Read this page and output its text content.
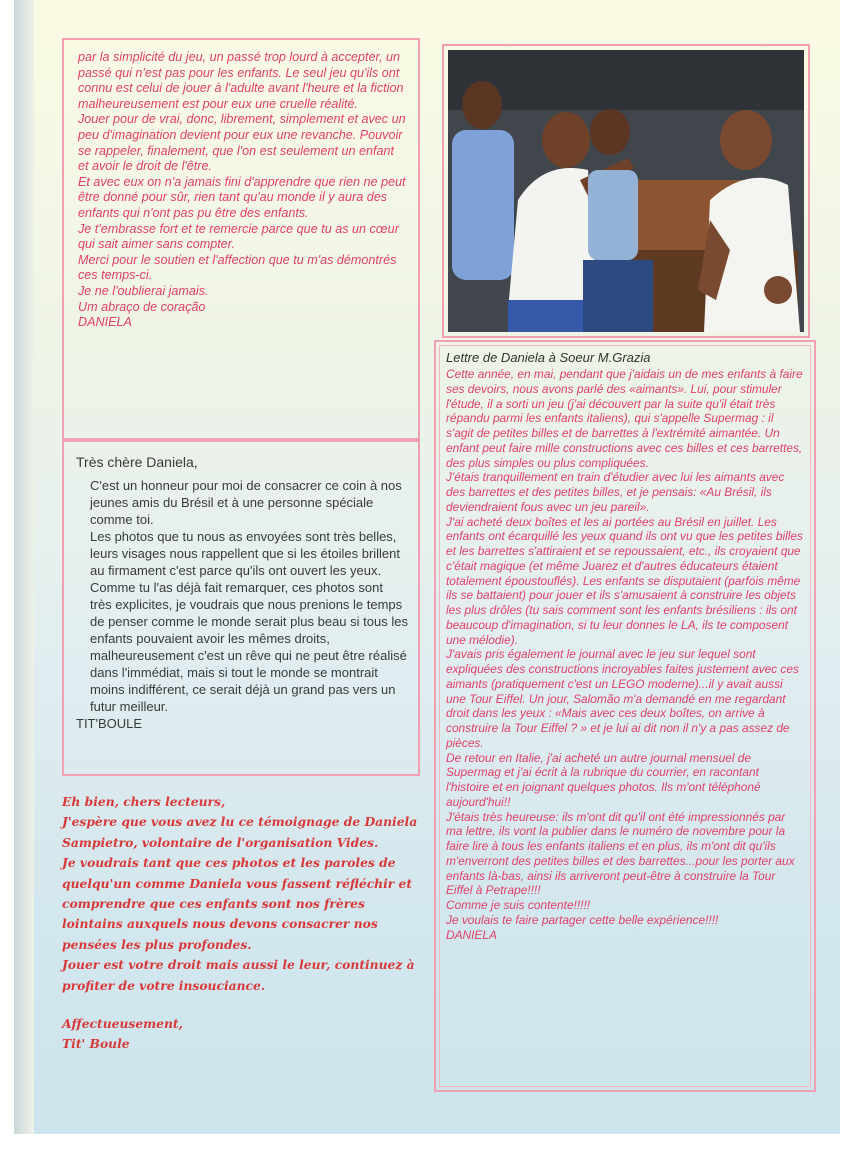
par la simplicité du jeu, un passé trop lourd à accepter, un passé qui n'est pas pour les enfants. Le seul jeu qu'ils ont connu est celui de jouer à l'adulte avant l'heure et la fiction malheureusement est pour eux une cruelle réalité.

Jouer pour de vrai, donc, librement, simplement et avec un peu d'imagination devient pour eux une revanche. Pouvoir se rappeler, finalement, que l'on est seulement un enfant et avoir le droit de l'être.

Et avec eux on n'a jamais fini d'apprendre que rien ne peut être donné pour sûr, rien tant qu'au monde il y aura des enfants qui n'ont pas pu être des enfants.

Je t'embrasse fort et te remercie parce que tu as un cœur qui sait aimer sans compter.

Merci pour le soutien et l'affection que tu m'as démontrés ces temps-ci.

Je ne l'oublierai jamais.

Um abraço de coração

DANIELA

Très chère Daniela,

C'est un honneur pour moi de consacrer ce coin à nos jeunes amis du Brésil et à une personne spéciale comme toi.

Les photos que tu nous as envoyées sont très belles, leurs visages nous rappellent que si les étoiles brillent au firmament c'est parce qu'ils ont ouvert les yeux.

Comme tu l'as déjà fait remarquer, ces photos sont très explicites, je voudrais que nous prenions le temps de penser comme le monde serait plus beau si tous les enfants pouvaient avoir les mêmes droits, malheureusement c'est un rêve qui ne peut être réalisé dans l'immédiat, mais si tout le monde se montrait moins indifférent, ce serait déjà un grand pas vers un futur meilleur.

TIT'BOULE

Eh bien, chers lecteurs,

J'espère que vous avez lu ce témoignage de Daniela Sampietro, volontaire de l'organisation Vides.

Je voudrais tant que ces photos et les paroles de quelqu'un comme Daniela vous fassent réfléchir et comprendre que ces enfants sont nos frères lointains auxquels nous devons consacrer nos pensées les plus profondes.

Jouer est votre droit mais aussi le leur, continuez à profiter de votre insouciance.

Affectueusement,

Tit' Boule

Lettre de Daniela à Soeur M.Grazia

Cette année, en mai, pendant que j'aidais un de mes enfants à faire ses devoirs, nous avons parlé des «aimants». Lui, pour stimuler l'étude, il a sorti un jeu (j'ai découvert par la suite qu'il était très répandu parmi les enfants italiens), qui s'appelle Supermag : il s'agit de petites billes et de barrettes à l'extrémité aimantée. Un enfant peut faire mille constructions avec ces billes et ces barrettes, des plus simples ou plus compliquées.

J'étais tranquillement en train d'étudier avec lui les aimants avec des barrettes et des petites billes, et je pensais: «Au Brésil, ils deviendraient fous avec un jeu pareil».

J'ai acheté deux boîtes et les ai portées au Brésil en juillet. Les enfants ont écarquillé les yeux quand ils ont vu que les petites billes et les barrettes s'attiraient et se repoussaient, etc., ils croyaient que c'était magique (et même Juarez et d'autres éducateurs étaient totalement époustouflés). Les enfants se disputaient (parfois même ils se battaient) pour jouer et ils s'amusaient à construire les objets les plus drôles (tu sais comment sont les enfants brésiliens : ils ont beaucoup d'imagination, si tu leur donnes le LA, ils te composent une mélodie).

J'avais pris également le journal avec le jeu sur lequel sont expliquées des constructions incroyables faites justement avec ces aimants (pratiquement c'est un LEGO moderne)...il y avait aussi une Tour Eiffel. Un jour, Salomão m'a demandé en me regardant droit dans les yeux : «Mais avec ces deux boîtes, on arrive à construire la Tour Eiffel ? » et je lui ai dit non il n'y a pas assez de pièces.

De retour en Italie, j'ai acheté un autre journal mensuel de Supermag et j'ai écrit à la rubrique du courrier, en racontant l'histoire et en joignant quelques photos. Ils m'ont téléphoné aujourd'hui!!

J'étais très heureuse: ils m'ont dit qu'il ont été impressionnés par ma lettre, ils vont la publier dans le numéro de novembre pour la faire lire à tous les enfants italiens et en plus, ils m'ont dit qu'ils m'enverront des petites billes et des barrettes...pour les porter aux enfants là-bas, ainsi ils arriveront peut-être à construire la Tour Eiffel à Petrape!!!!

Comme je suis contente!!!!!

Je voulais te faire partager cette belle expérience!!!!

DANIELA
